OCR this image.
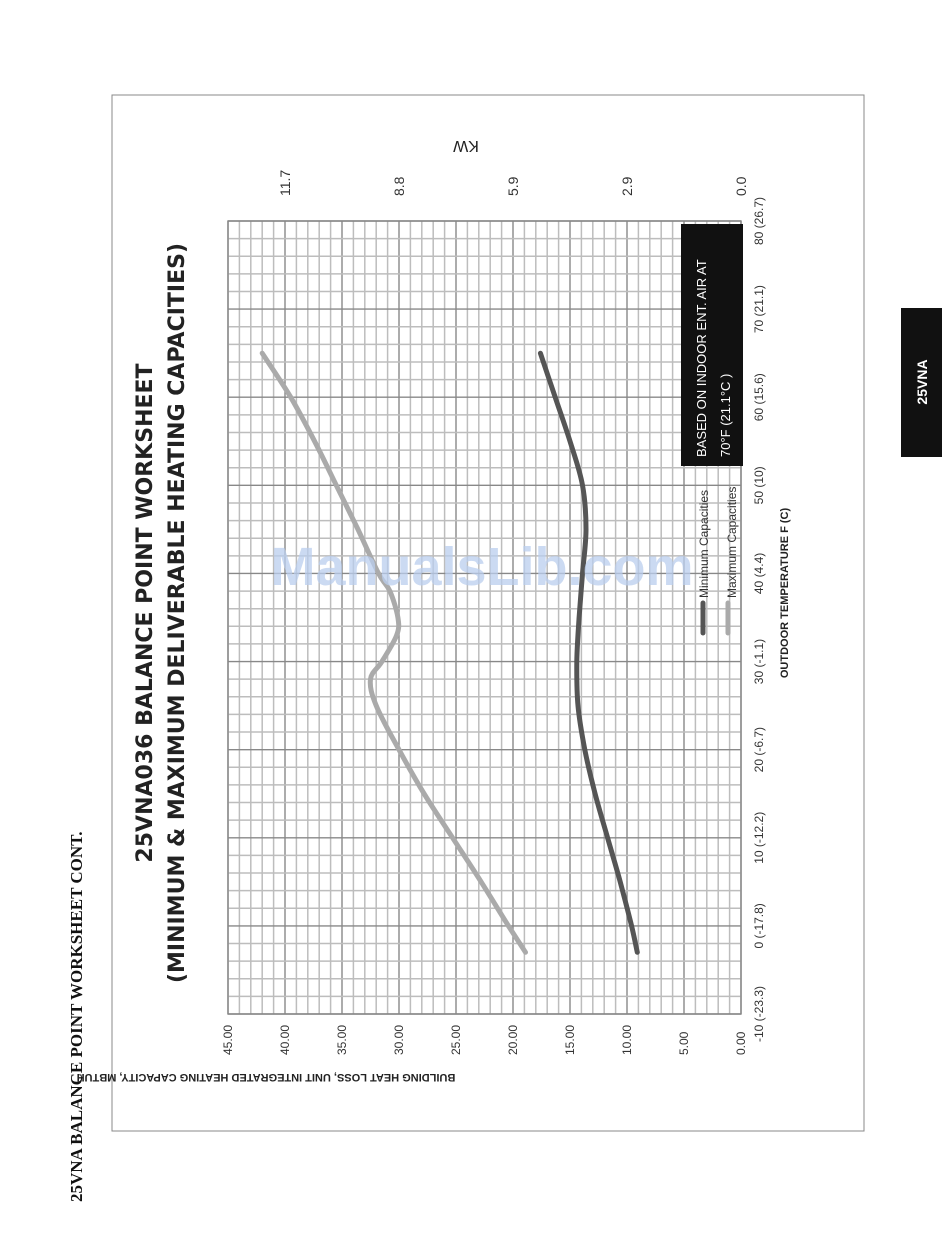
-10 (-23.3)
0 (-17.8)
10 (-12.2)
20 (-6.7)
30 (-1.1)
40 (4.4)
50 (10)
60 (15.6)
70 (21.1)
80 (26.7)
0.00
5.00
10.00
15.00
20.00
25.00
30.00
35.00
40.00
45.00
0.0
2.9
5.9
8.8
11.7
BASED ON INDOOR ENT. AIR AT 70°F (21.1°C )
Minimum Capacities Maximum Capacities
25VNA036 BALANCE POINT WORKSHEET (MINIMUM & MAXIMUM DELIVERABLE HEATING CAPACITIES)	OUTDOOR TEMPERATURE F (C)
BUILDING HEAT LOSS, UNIT INTEGRATED HEATING CAPACITY, MBTUH
KW
ManualsLib.com
25VNA BALANCE POINT WORKSHEET CONT.
25VNA
